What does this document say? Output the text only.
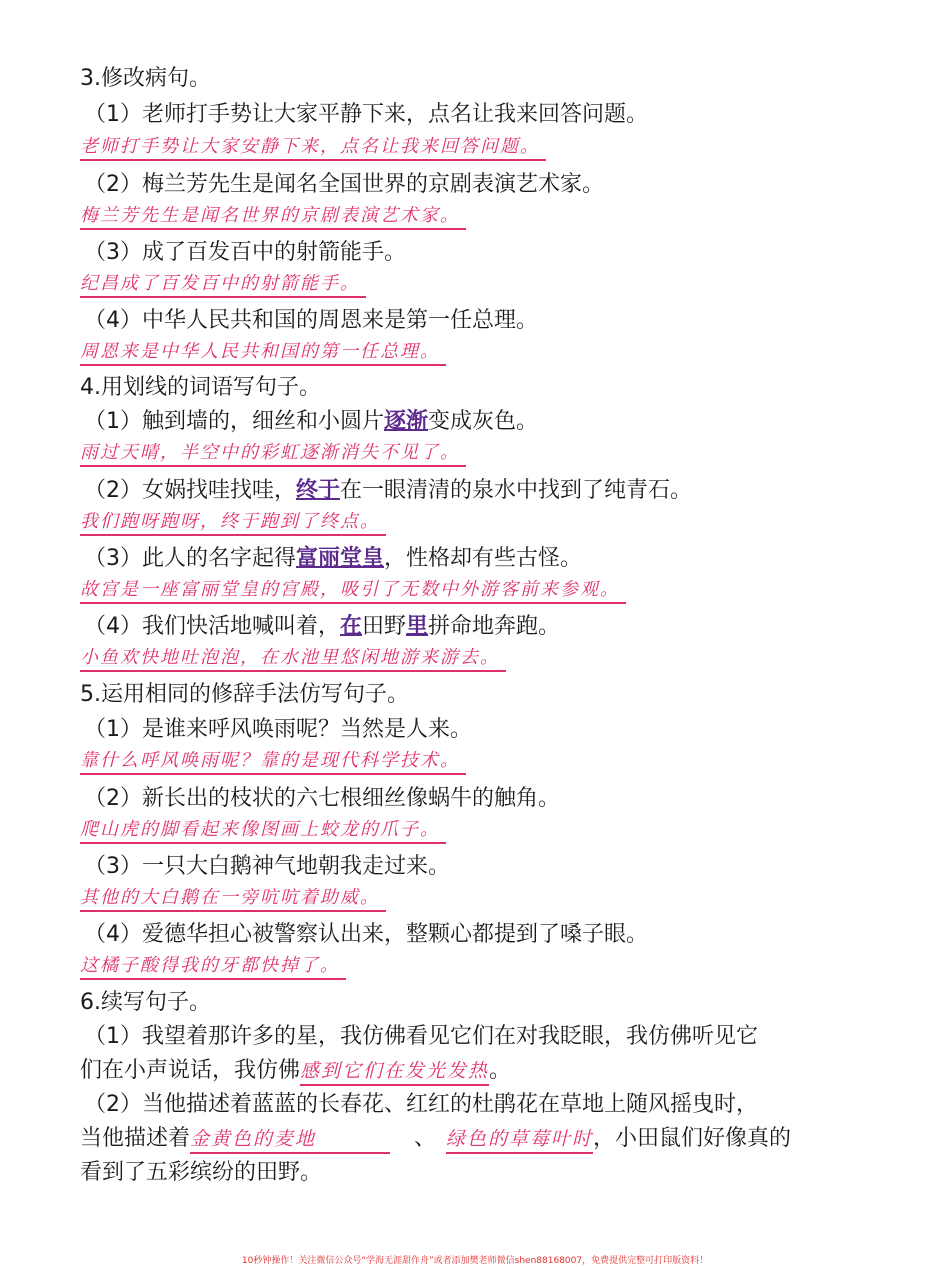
3.修改病句。
（1）老师打手势让大家平静下来，点名让我来回答问题。
老师打手势让大家安静下来，点名让我来回答问题。
（2）梅兰芳先生是闻名全国世界的京剧表演艺术家。
梅兰芳先生是闻名世界的京剧表演艺术家。
（3）成了百发百中的射箭能手。
纪昌成了百发百中的射箭能手。
（4）中华人民共和国的周恩来是第一任总理。
周恩来是中华人民共和国的第一任总理。
4.用划线的词语写句子。
（1）触到墙的，细丝和小圆片逐渐变成灰色。
雨过天晴，半空中的彩虹逐渐消失不见了。
（2）女娲找哇找哇，终于在一眼清清的泉水中找到了纯青石。
我们跑呀跑呀，终于跑到了终点。
（3）此人的名字起得富丽堂皇，性格却有些古怪。
故宫是一座富丽堂皇的宫殿，吸引了无数中外游客前来参观。
（4）我们快活地喊叫着，在田野里拼命地奔跑。
小鱼欢快地吐泡泡，在水池里悠闲地游来游去。
5.运用相同的修辞手法仿写句子。
（1）是谁来呼风唤雨呢？当然是人来。
靠什么呼风唤雨呢？靠的是现代科学技术。
（2）新长出的枝状的六七根细丝像蜗牛的触角。
爬山虎的脚看起来像图画上蛟龙的爪子。
（3）一只大白鹅神气地朝我走过来。
其他的大白鹅在一旁吭吭着助威。
（4）爱德华担心被警察认出来，整颗心都提到了嗓子眼。
这橘子酸得我的牙都快掉了。
6.续写句子。
（1）我望着那许多的星，我仿佛看见它们在对我眨眼，我仿佛听见它
们在小声说话，我仿佛感到它们在发光发热。
（2）当他描述着蓝蓝的长春花、红红的杜鹃花在草地上随风摇曳时，
当他描述着金黄色的麦地	、 绿色的草莓叶时，小田鼠们好像真的
看到了五彩缤纷的田野。
10秒钟操作！关注微信公众号“学海无涯甜作舟”或者添加樊老师微信shen88168007，免费提供完整可打印版资料！
